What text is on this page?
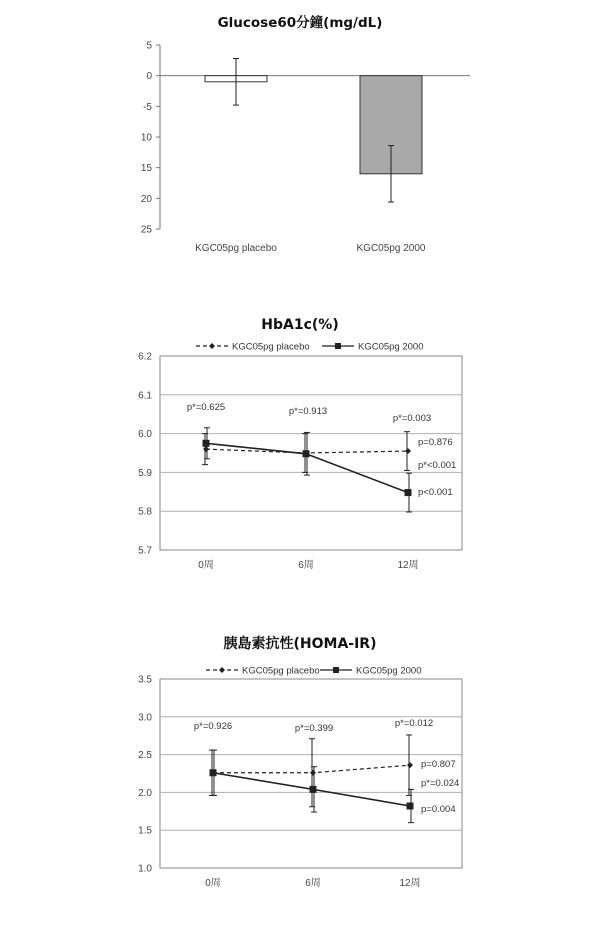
Glucose60分鐘(mg/dL)
5
0
-5
10
15
20
25
KGC05pg placebo	KGC05pg 2000
HbA1c(%)
KGC05pg placebo	KGC05pg 2000
6.2
6.1
6.0
5.9
5.8
5.7
0周	6周	12周
p*=0.625	p*=0.913
p*=0.003
p=0.876
p*<0.001
p<0.001
胰島素抗性(HOMA-IR)
KGC05pg placebo	KGC05pg 2000
3.5
3.0
2.5
2.0
1.5
1.0
0周	6周	12周
p*=0.926	p*=0.399	p*=0.012
p=0.807
p*=0.024
p=0.004
